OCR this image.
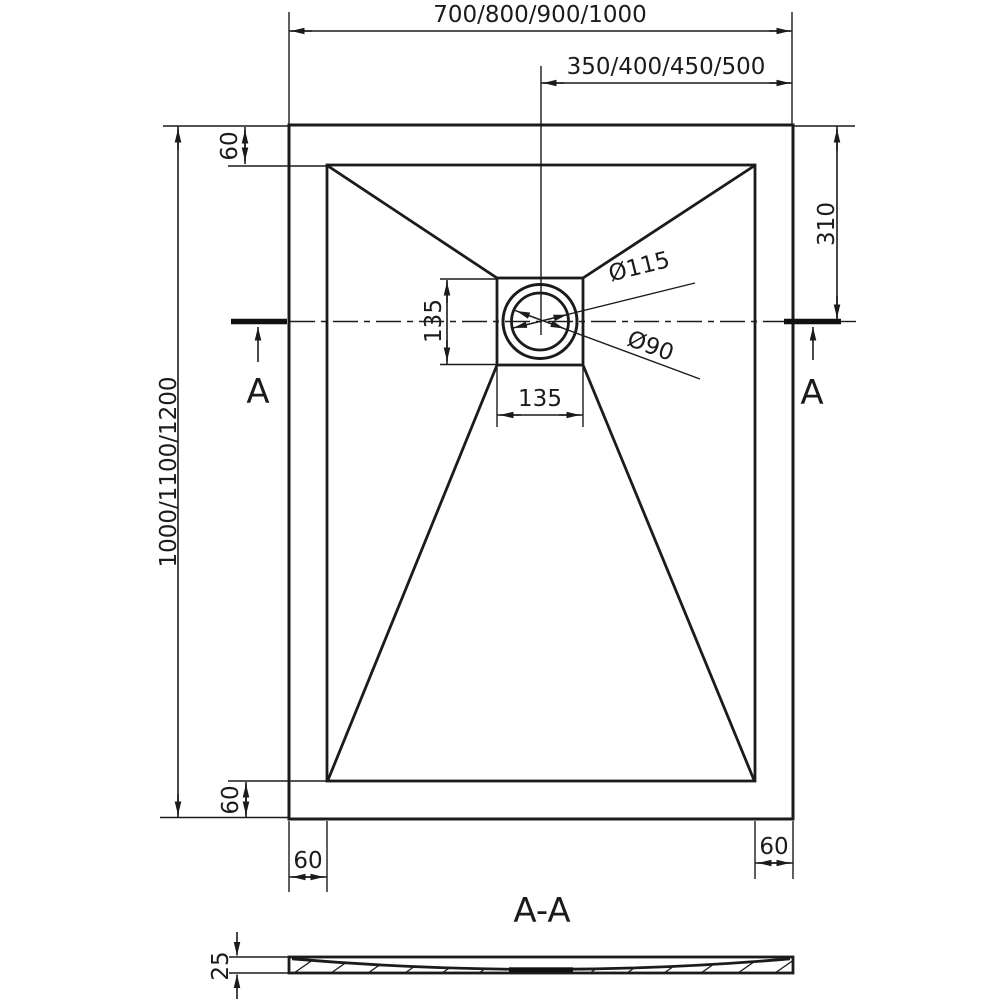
A	A
700/800/900/1000
350/400/450/500
1000/1100/1200
60
310
135
135
Ø115
Ø90
60
60
60
A-A
25
